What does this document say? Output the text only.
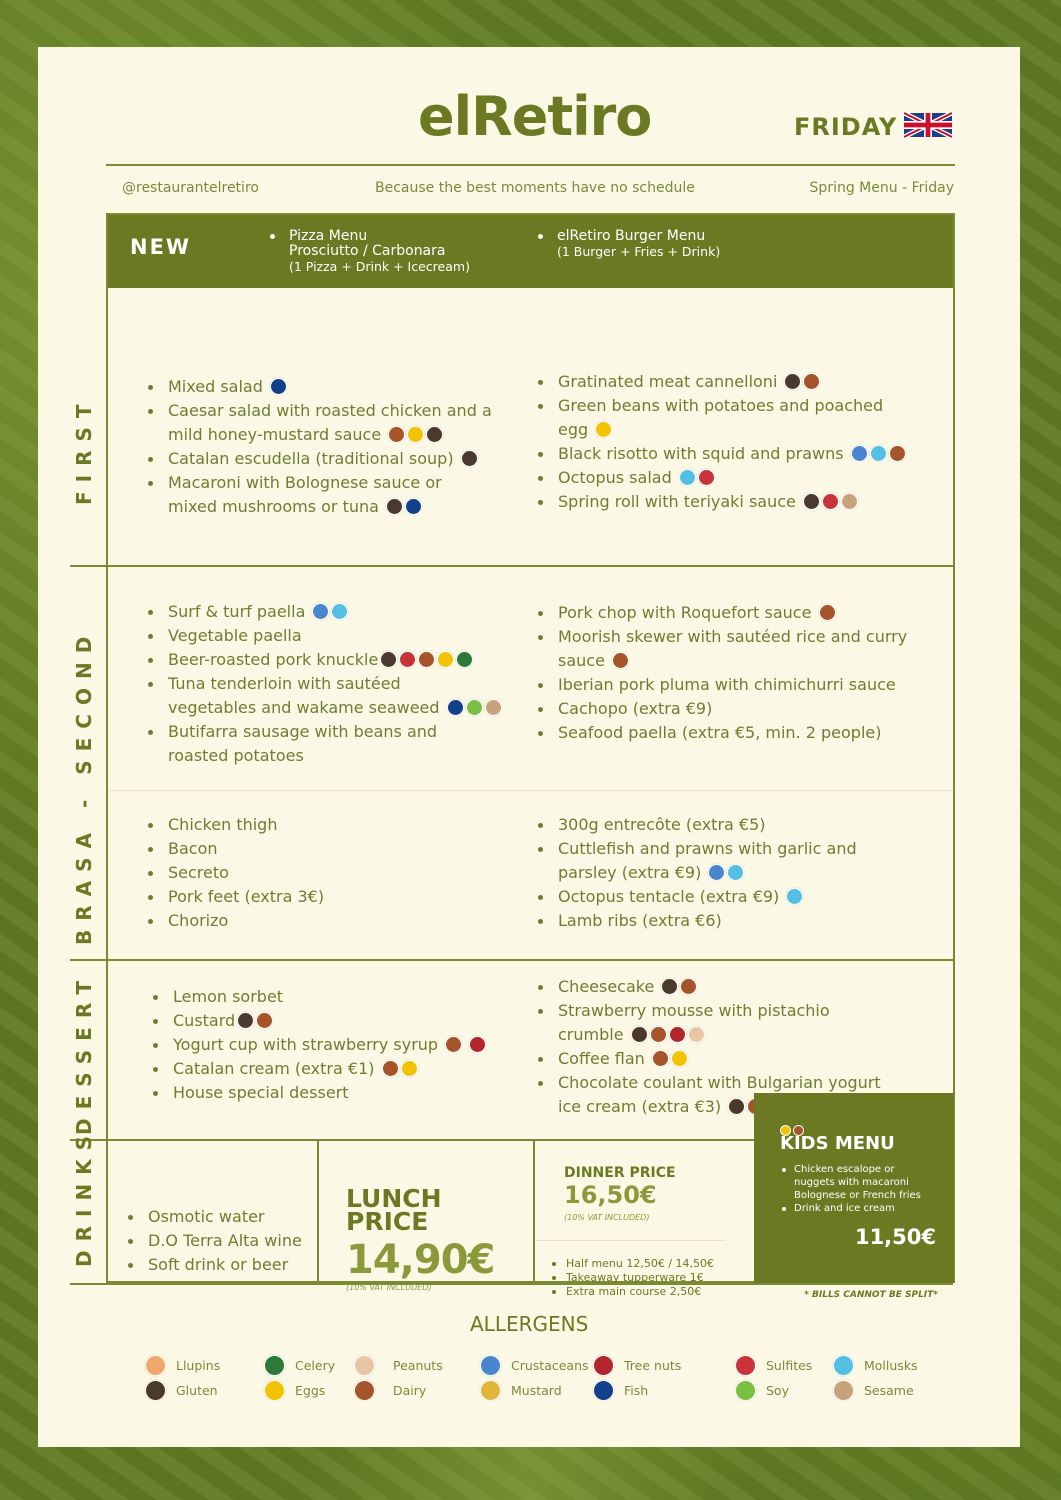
elRetiro	FRIDAY
@restaurantelretiro	Because the best moments have no schedule	Spring Menu - Friday
NEW	Pizza Menu
Prosciutto / Carbonara
(1 Pizza + Drink + Icecream)
elRetiro Burger Menu
(1 Burger + Fries + Drink)
FIRST
Mixed salad
Caesar salad with roasted chicken and a
mild honey-mustard sauce
Catalan escudella (traditional soup)
Macaroni with Bolognese sauce or
mixed mushrooms or tuna
Gratinated meat cannelloni
Green beans with potatoes and poached
egg
Black risotto with squid and prawns
Octopus salad
Spring roll with teriyaki sauce
BRASA - SECOND
Surf & turf paella
Vegetable paella
Beer-roasted pork knuckle
Tuna tenderloin with sautéed
vegetables and wakame seaweed
Butifarra sausage with beans and
roasted potatoes
Pork chop with Roquefort sauce
Moorish skewer with sautéed rice and curry
sauce
Iberian pork pluma with chimichurri sauce
Cachopo (extra €9)
Seafood paella (extra €5, min. 2 people)
Chicken thigh
Bacon
Secreto
Pork feet (extra 3€)
Chorizo
300g entrecôte (extra €5)
Cuttlefish and prawns with garlic and
parsley (extra €9)
Octopus tentacle (extra €9)
Lamb ribs (extra €6)
DESSERT	Lemon sorbet
Custard
Yogurt cup with strawberry syrup
Catalan cream (extra €1)
House special dessert
Cheesecake
Strawberry mousse with pistachio
crumble
Coffee flan
Chocolate coulant with Bulgarian yogurt
ice cream (extra €3)
DRINKS	Osmotic water
D.O Terra Alta wine
Soft drink or beer
LUNCH
PRICE
14,90€
(10% VAT INCLUDED)
DINNER PRICE
16,50€
(10% VAT INCLUDED)
Half menu 12,50€ / 14,50€
Takeaway tupperware 1€
Extra main course 2,50€
KIDS MENU
Chicken escalope or
nuggets with macaroni
Bolognese or French fries
Drink and ice cream
11,50€
* BILLS CANNOT BE SPLIT*
ALLERGENS
Llupins
Gluten
Celery
Eggs
Peanuts
Dairy
Crustaceans
Mustard
Tree nuts
Fish
Sulfites
Soy
Mollusks
Sesame
